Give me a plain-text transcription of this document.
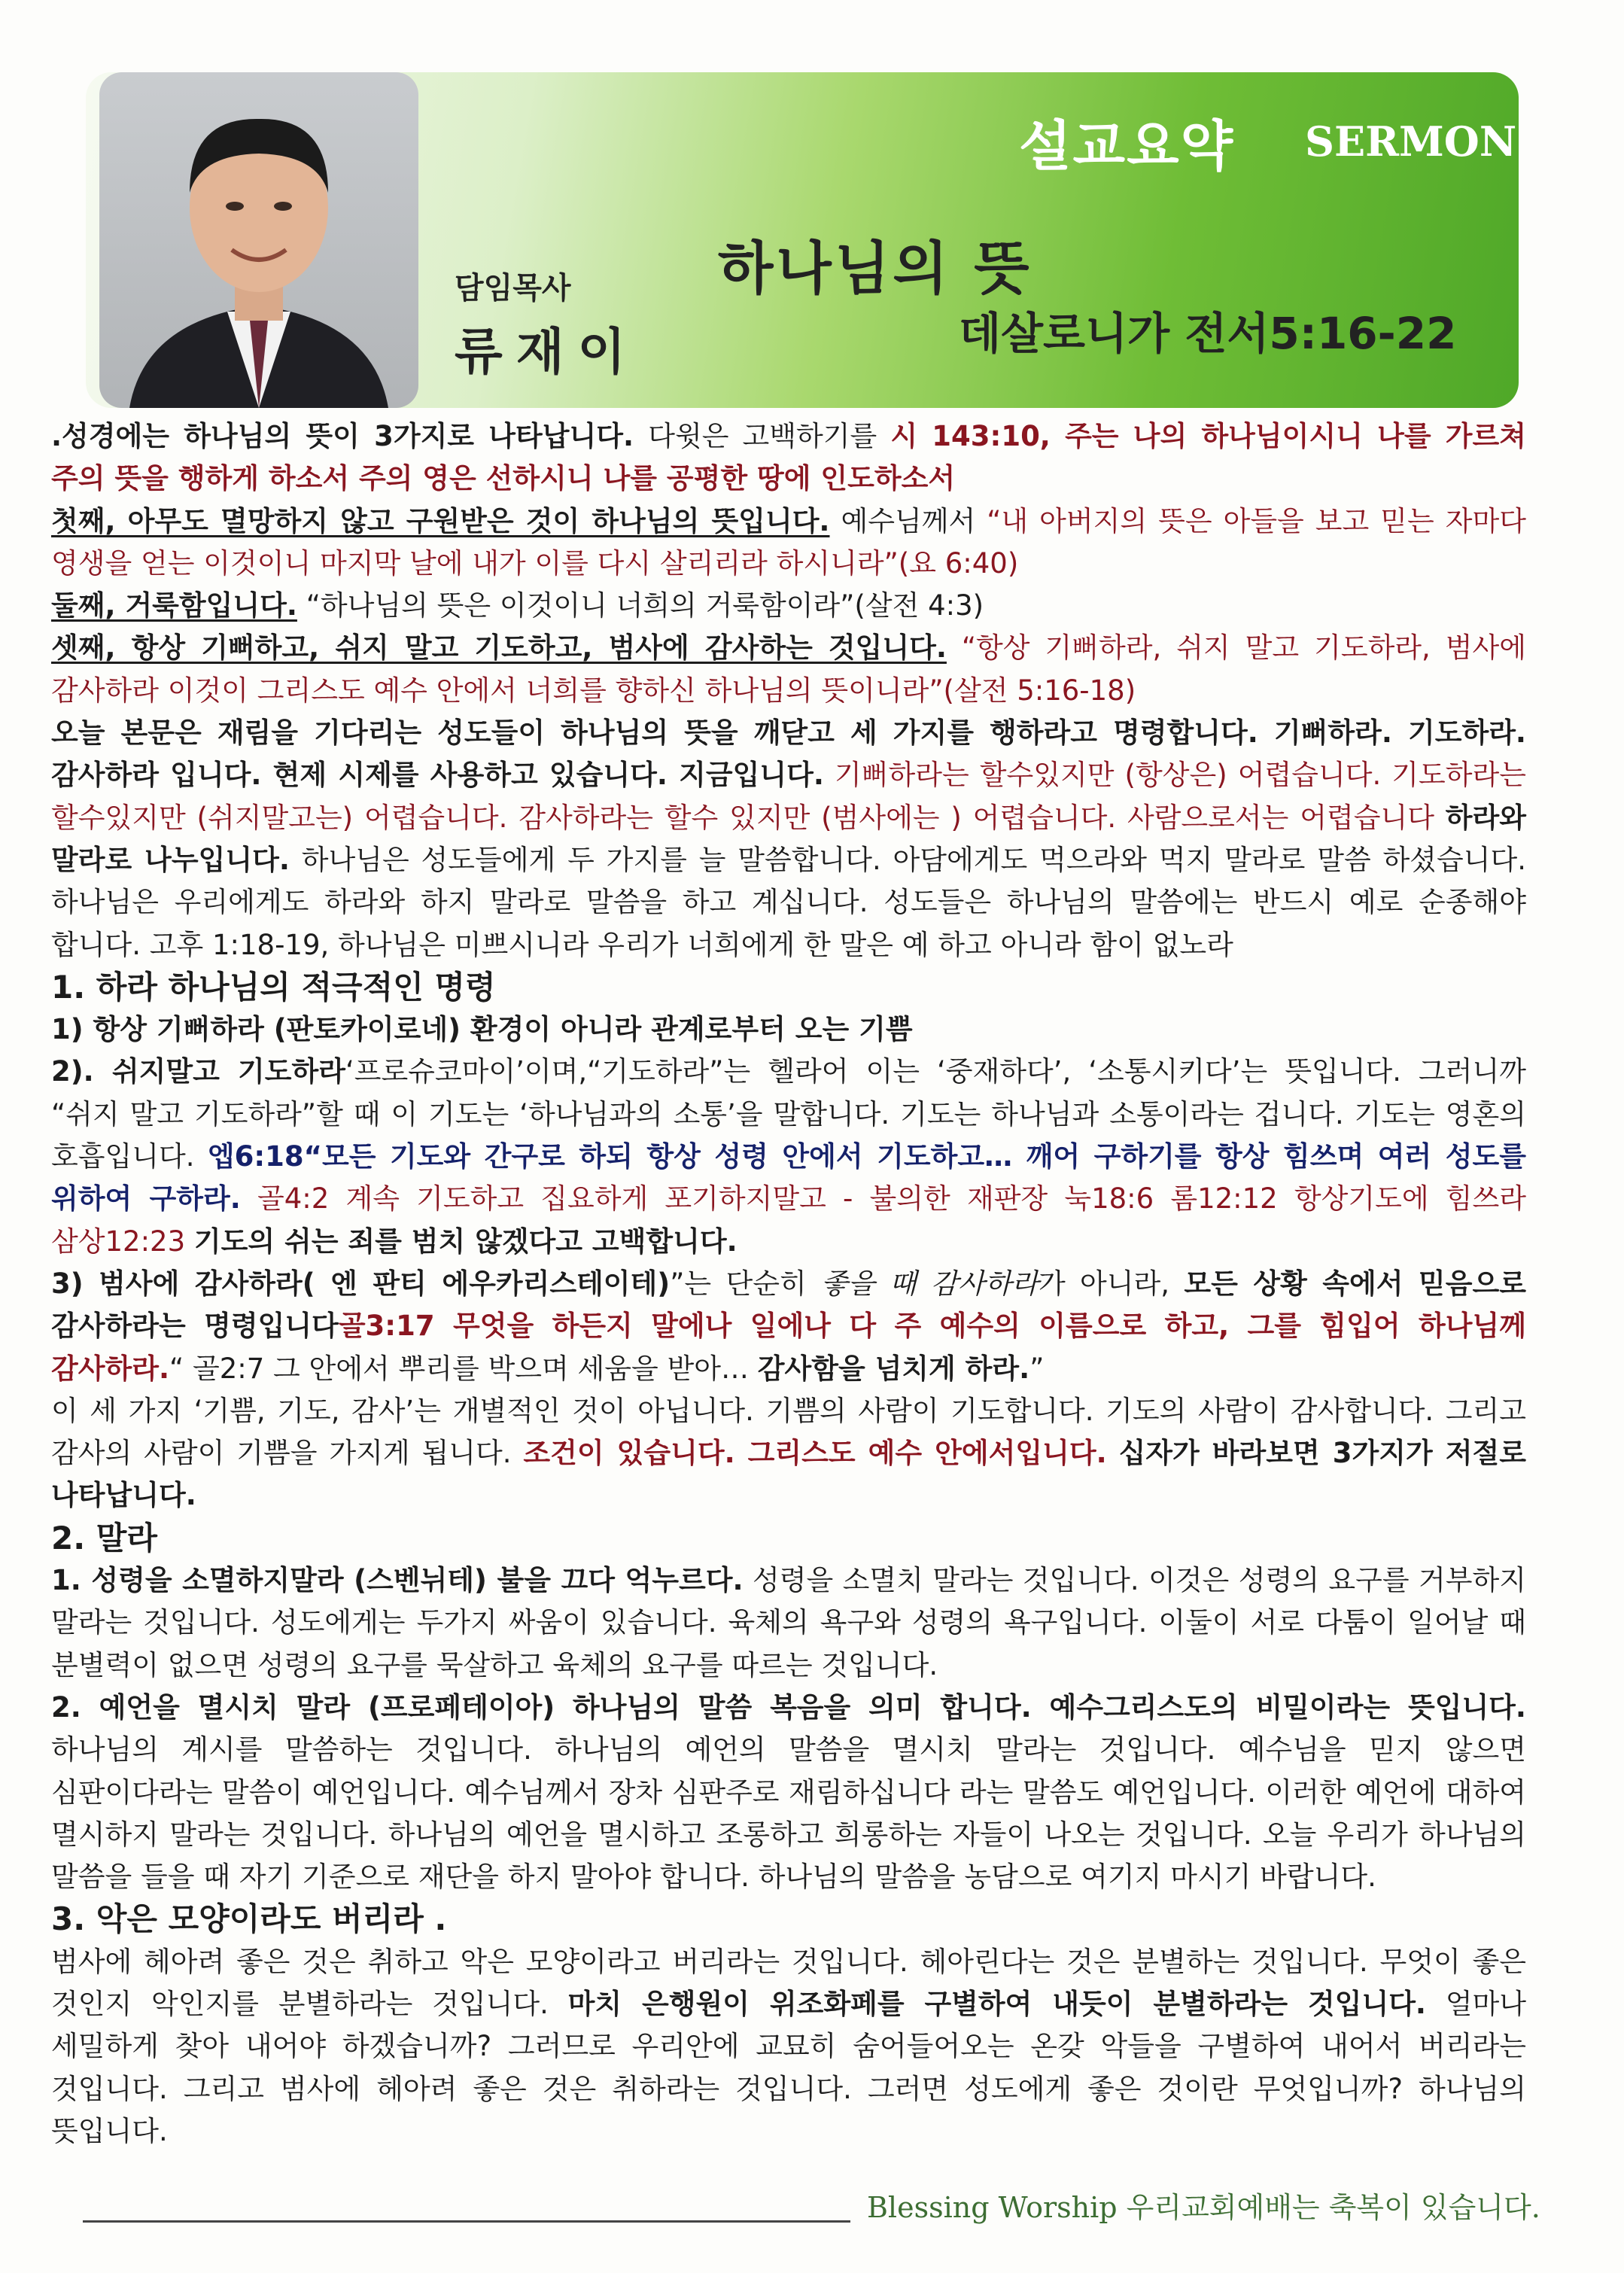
설교요약 SERMON
하나님의 뜻
담임목사
류재이	데살로니가 전서5:16-22

.성경에는 하나님의 뜻이 3가지로 나타납니다. 다윗은 고백하기를 시 143:10, 주는 나의 하나님이시니 나를 가르쳐 주의 뜻을 행하게 하소서 주의 영은 선하시니 나를 공평한 땅에 인도하소서

첫째, 아무도 멸망하지 않고 구원받은 것이 하나님의 뜻입니다. 예수님께서 “내 아버지의 뜻은 아들을 보고 믿는 자마다 영생을 얻는 이것이니 마지막 날에 내가 이를 다시 살리리라 하시니라”(요 6:40)

둘째, 거룩함입니다. “하나님의 뜻은 이것이니 너희의 거룩함이라”(살전 4:3)

셋째, 항상 기뻐하고, 쉬지 말고 기도하고, 범사에 감사하는 것입니다. “항상 기뻐하라, 쉬지 말고 기도하라, 범사에 감사하라 이것이 그리스도 예수 안에서 너희를 향하신 하나님의 뜻이니라”(살전 5:16-18)

오늘 본문은 재림을 기다리는 성도들이 하나님의 뜻을 깨닫고 세 가지를 행하라고 명령합니다. 기뻐하라. 기도하라. 감사하라 입니다. 현제 시제를 사용하고 있습니다. 지금입니다. 기뻐하라는 할수있지만 (항상은) 어렵습니다. 기도하라는 할수있지만 (쉬지말고는) 어렵습니다. 감사하라는 할수 있지만 (범사에는 ) 어렵습니다. 사람으로서는 어렵습니다 하라와 말라로 나누입니다. 하나님은 성도들에게 두 가지를 늘 말씀합니다. 아담에게도 먹으라와 먹지 말라로 말씀 하셨습니다. 하나님은 우리에게도 하라와 하지 말라로 말씀을 하고 계십니다. 성도들은 하나님의 말씀에는 반드시 예로 순종해야 합니다. 고후 1:18-19, 하나님은 미쁘시니라 우리가 너희에게 한 말은 예 하고 아니라 함이 없노라

1. 하라 하나님의 적극적인 명령

1) 항상 기뻐하라 (판토카이로네) 환경이 아니라 관계로부터 오는 기쁨

2). 쉬지말고 기도하라‘프로슈코마이’이며,“기도하라”는 헬라어 이는 ‘중재하다’, ‘소통시키다’는 뜻입니다. 그러니까 “쉬지 말고 기도하라”할 때 이 기도는 ‘하나님과의 소통’을 말합니다. 기도는 하나님과 소통이라는 겁니다. 기도는 영혼의 호흡입니다. 엡6:18“모든 기도와 간구로 하되 항상 성령 안에서 기도하고… 깨어 구하기를 항상 힘쓰며 여러 성도를 위하여 구하라. 골4:2 계속 기도하고 집요하게 포기하지말고 - 불의한 재판장 눅18:6 롬12:12 항상기도에 힘쓰라 삼상12:23 기도의 쉬는 죄를 범치 않겠다고 고백합니다.

3) 범사에 감사하라( 엔 판티 에우카리스테이테)”는 단순히 좋을 때 감사하라가 아니라, 모든 상황 속에서 믿음으로 감사하라는 명령입니다골3:17 무엇을 하든지 말에나 일에나 다 주 예수의 이름으로 하고, 그를 힘입어 하나님께 감사하라.“ 골2:7 그 안에서 뿌리를 박으며 세움을 받아… 감사함을 넘치게 하라.”

이 세 가지 ‘기쁨, 기도, 감사’는 개별적인 것이 아닙니다. 기쁨의 사람이 기도합니다. 기도의 사람이 감사합니다. 그리고 감사의 사람이 기쁨을 가지게 됩니다. 조건이 있습니다. 그리스도 예수 안에서입니다. 십자가 바라보면 3가지가 저절로 나타납니다.

2. 말라

1. 성령을 소멸하지말라 (스벤뉘테) 불을 끄다 억누르다. 성령을 소멸치 말라는 것입니다. 이것은 성령의 요구를 거부하지 말라는 것입니다. 성도에게는 두가지 싸움이 있습니다. 육체의 욕구와 성령의 욕구입니다. 이둘이 서로 다툼이 일어날 때 분별력이 없으면 성령의 요구를 묵살하고 육체의 요구를 따르는 것입니다.

2. 예언을 멸시치 말라 (프로페테이아) 하나님의 말씀 복음을 의미 합니다. 예수그리스도의 비밀이라는 뜻입니다. 하나님의 계시를 말씀하는 것입니다. 하나님의 예언의 말씀을 멸시치 말라는 것입니다. 예수님을 믿지 않으면 심판이다라는 말씀이 예언입니다. 예수님께서 장차 심판주로 재림하십니다 라는 말씀도 예언입니다. 이러한 예언에 대하여 멸시하지 말라는 것입니다. 하나님의 예언을 멸시하고 조롱하고 희롱하는 자들이 나오는 것입니다. 오늘 우리가 하나님의 말씀을 들을 때 자기 기준으로 재단을 하지 말아야 합니다. 하나님의 말씀을 농담으로 여기지 마시기 바랍니다.

3. 악은 모양이라도 버리라 .

범사에 헤아려 좋은 것은 취하고 악은 모양이라고 버리라는 것입니다. 헤아린다는 것은 분별하는 것입니다. 무엇이 좋은 것인지 악인지를 분별하라는 것입니다. 마치 은행원이 위조화페를 구별하여 내듯이 분별하라는 것입니다. 얼마나 세밀하게 찾아 내어야 하겠습니까? 그러므로 우리안에 교묘히 숨어들어오는 온갖 악들을 구별하여 내어서 버리라는 것입니다. 그리고 범사에 헤아려 좋은 것은 취하라는 것입니다. 그러면 성도에게 좋은 것이란 무엇입니까? 하나님의 뜻입니다.

Blessing Worship 우리교회예배는 축복이 있습니다.
